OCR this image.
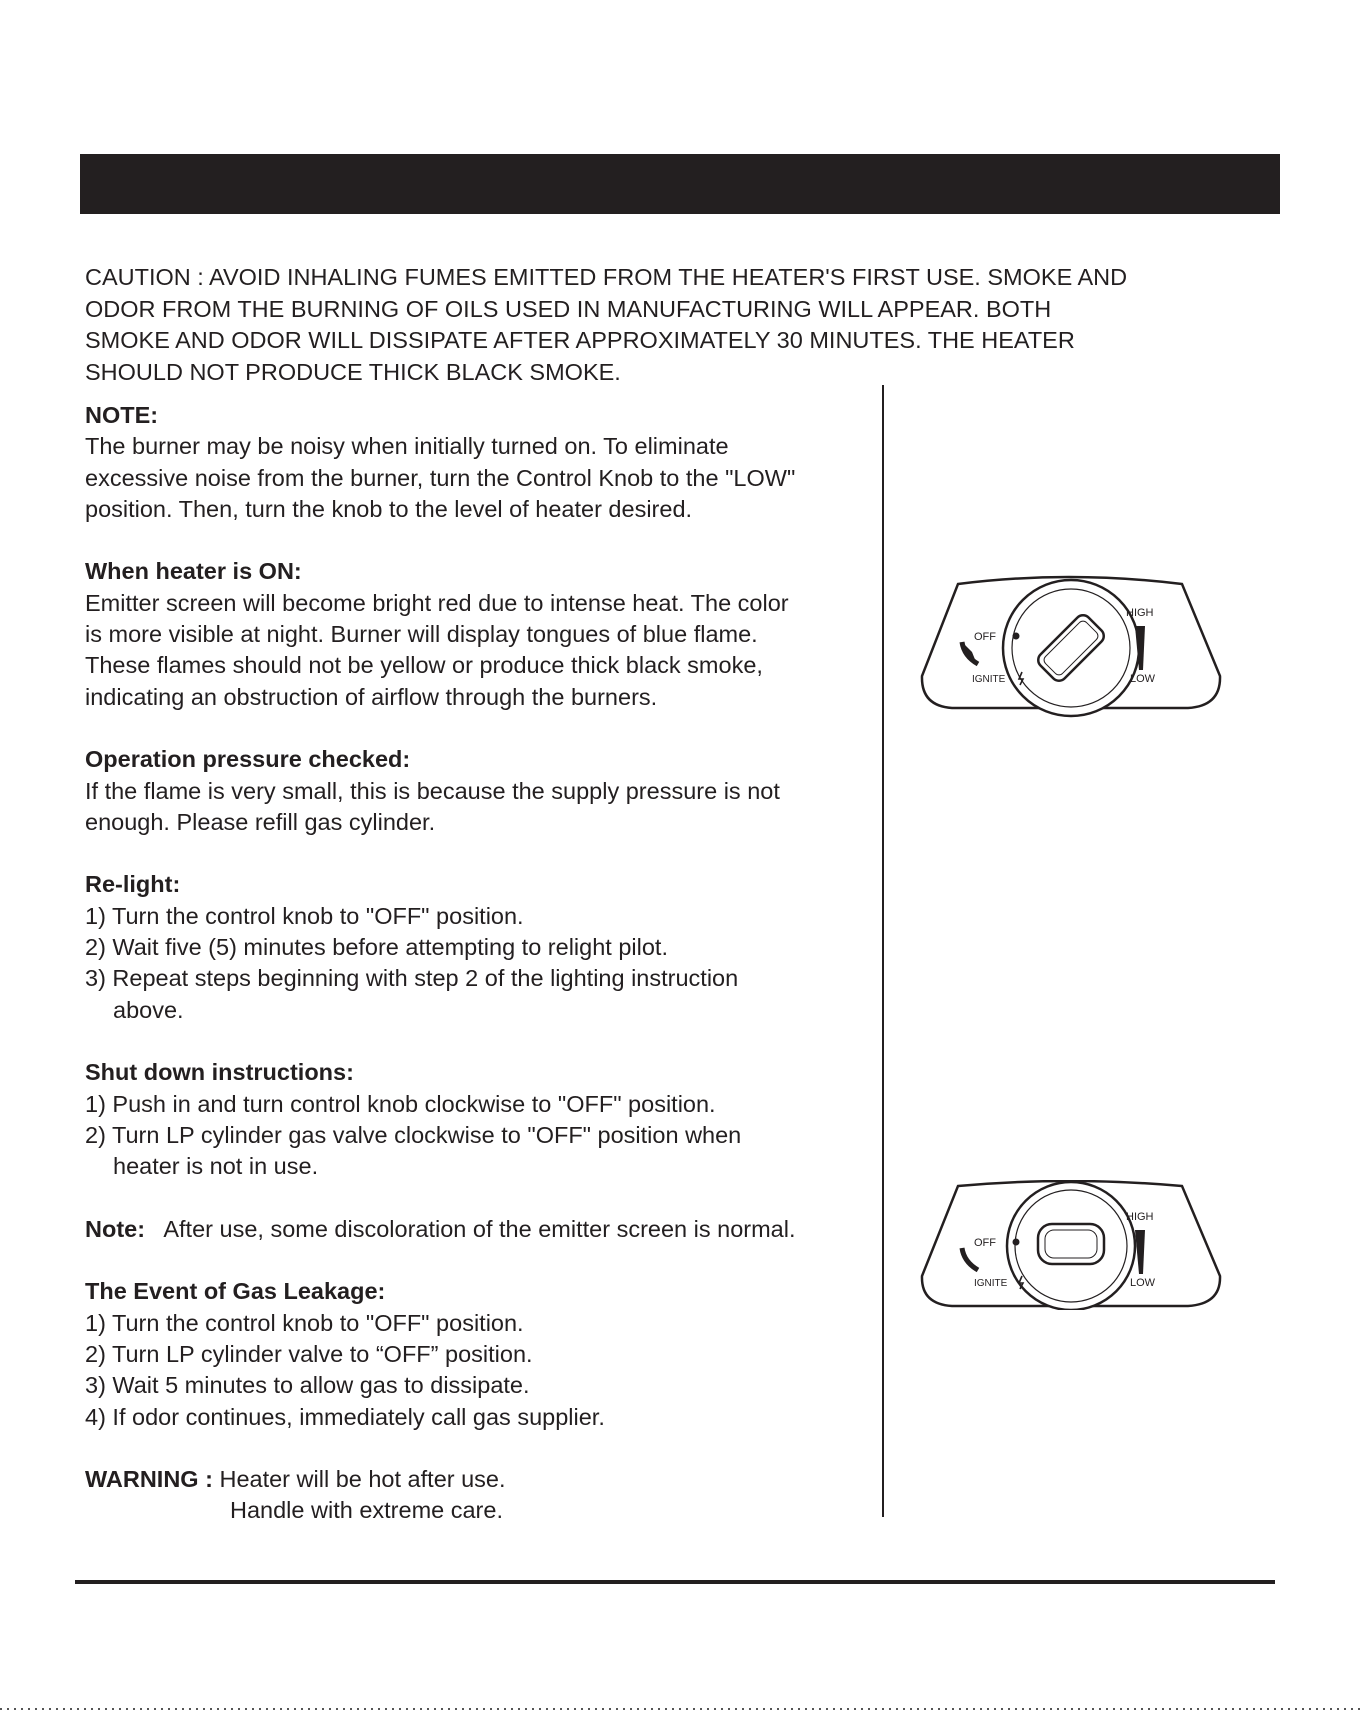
CAUTION : AVOID INHALING FUMES EMITTED FROM THE HEATER'S FIRST USE. SMOKE AND
ODOR FROM THE BURNING OF OILS USED IN MANUFACTURING WILL APPEAR. BOTH
SMOKE AND ODOR WILL DISSIPATE AFTER APPROXIMATELY 30 MINUTES. THE HEATER
SHOULD NOT PRODUCE THICK BLACK SMOKE.
NOTE:
The burner may be noisy when initially turned on. To eliminate
excessive noise from the burner, turn the Control Knob to the "LOW"
position. Then, turn the knob to the level of heater desired.
When heater is ON:
Emitter screen will become bright red due to intense heat. The color
is more visible at night. Burner will display tongues of blue flame.
These flames should not be yellow or produce thick black smoke,
indicating an obstruction of airflow through the burners.
Operation pressure checked:
If the flame is very small, this is because the supply pressure is not
enough. Please refill gas cylinder.
Re-light:
1) Turn the control knob to "OFF" position.
2) Wait five (5) minutes before attempting to relight pilot.
3) Repeat steps beginning with step 2 of the lighting instruction
above.
Shut down instructions:
1) Push in and turn control knob clockwise to "OFF" position.
2) Turn LP cylinder gas valve clockwise to "OFF" position when
heater is not in use.
Note:   After use, some discoloration of the emitter screen is normal.
The Event of Gas Leakage:
1) Turn the control knob to "OFF" position.
2) Turn LP cylinder valve to “OFF” position.
3) Wait 5 minutes to allow gas to dissipate.
4) If odor continues, immediately call gas supplier.
WARNING : Heater will be hot after use.
Handle with extreme care.
OFF
IGNITE
HIGH
LOW
OFF
IGNITE
HIGH
LOW
